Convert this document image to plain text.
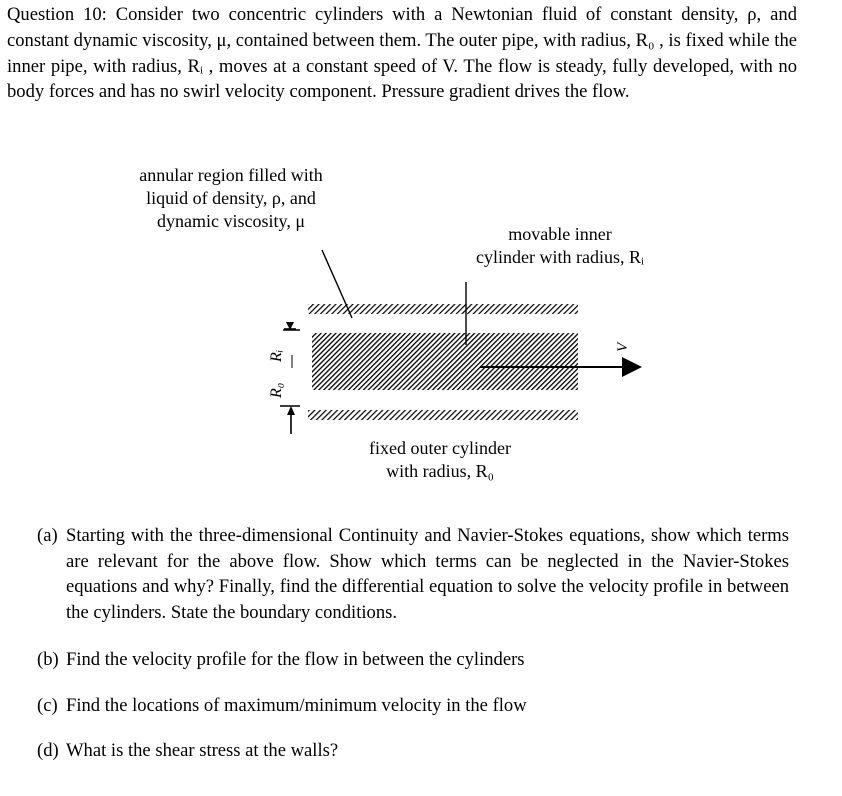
Question 10: Consider two concentric cylinders with a Newtonian fluid of constant density, ρ, and constant dynamic viscosity, μ, contained between them. The outer pipe, with radius, R₀ , is fixed while the inner pipe, with radius, Rᵢ , moves at a constant speed of V. The flow is steady, fully developed, with no body forces and has no swirl velocity component. Pressure gradient drives the flow.

annular region filled with
liquid of density, ρ, and
dynamic viscosity, μ
movable inner
cylinder with radius, Rᵢ
fixed outer cylinder
with radius, R₀
R₀
Rᵢ
V
(a) Starting with the three-dimensional Continuity and Navier-Stokes equations, show which terms are relevant for the above flow. Show which terms can be neglected in the Navier-Stokes equations and why? Finally, find the differential equation to solve the velocity profile in between the cylinders. State the boundary conditions.
(b) Find the velocity profile for the flow in between the cylinders
(c) Find the locations of maximum/minimum velocity in the flow
(d) What is the shear stress at the walls?
